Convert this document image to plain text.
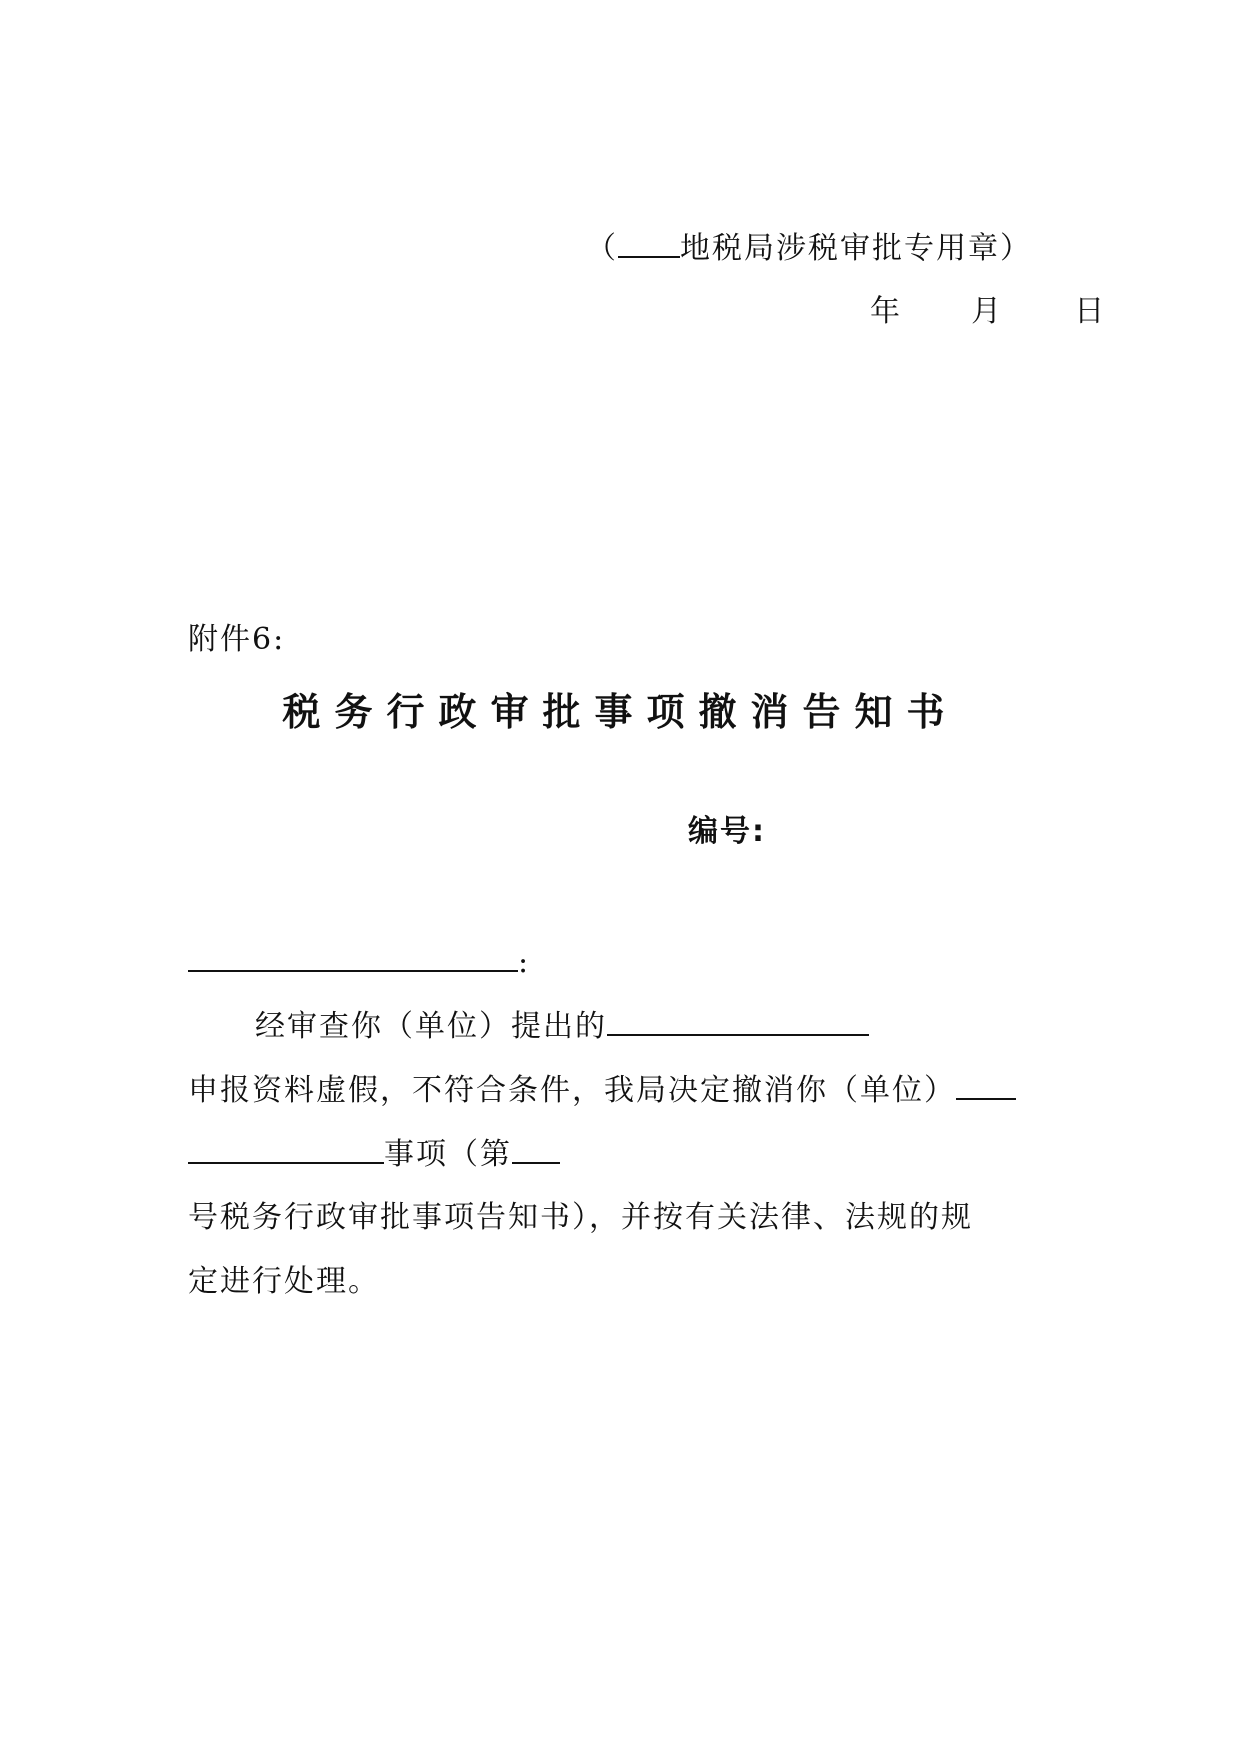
（ 地税局涉税审批专用章）
年 月 日
附件6:
税务行政审批事项撤消告知书
编号:
:
经审查你（单位）提出的
申报资料虚假，不符合条件，我局决定撤消你（单位）
事项（第
号税务行政审批事项告知书），并按有关法律、法规的规
定进行处理。
